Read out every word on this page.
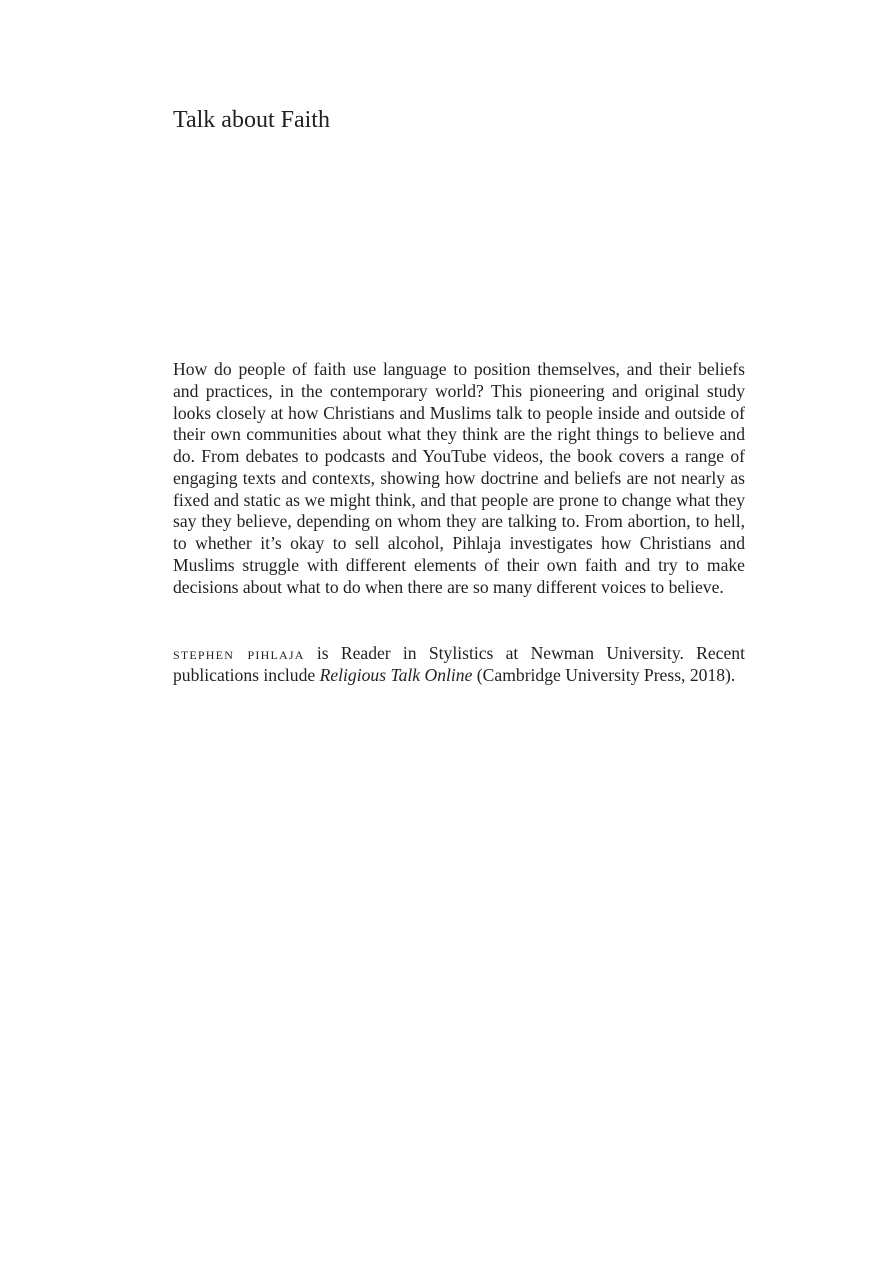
Talk about Faith

How do people of faith use language to position themselves, and their beliefs and practices, in the contemporary world? This pioneering and original study looks closely at how Christians and Muslims talk to people inside and outside of their own communities about what they think are the right things to believe and do. From debates to podcasts and YouTube videos, the book covers a range of engaging texts and contexts, showing how doctrine and beliefs are not nearly as fixed and static as we might think, and that people are prone to change what they say they believe, depending on whom they are talking to. From abortion, to hell, to whether it’s okay to sell alcohol, Pihlaja investigates how Christians and Muslims struggle with different elements of their own faith and try to make decisions about what to do when there are so many different voices to believe.

stephen pihlaja is Reader in Stylistics at Newman University. Recent publications include Religious Talk Online (Cambridge University Press, 2018).
